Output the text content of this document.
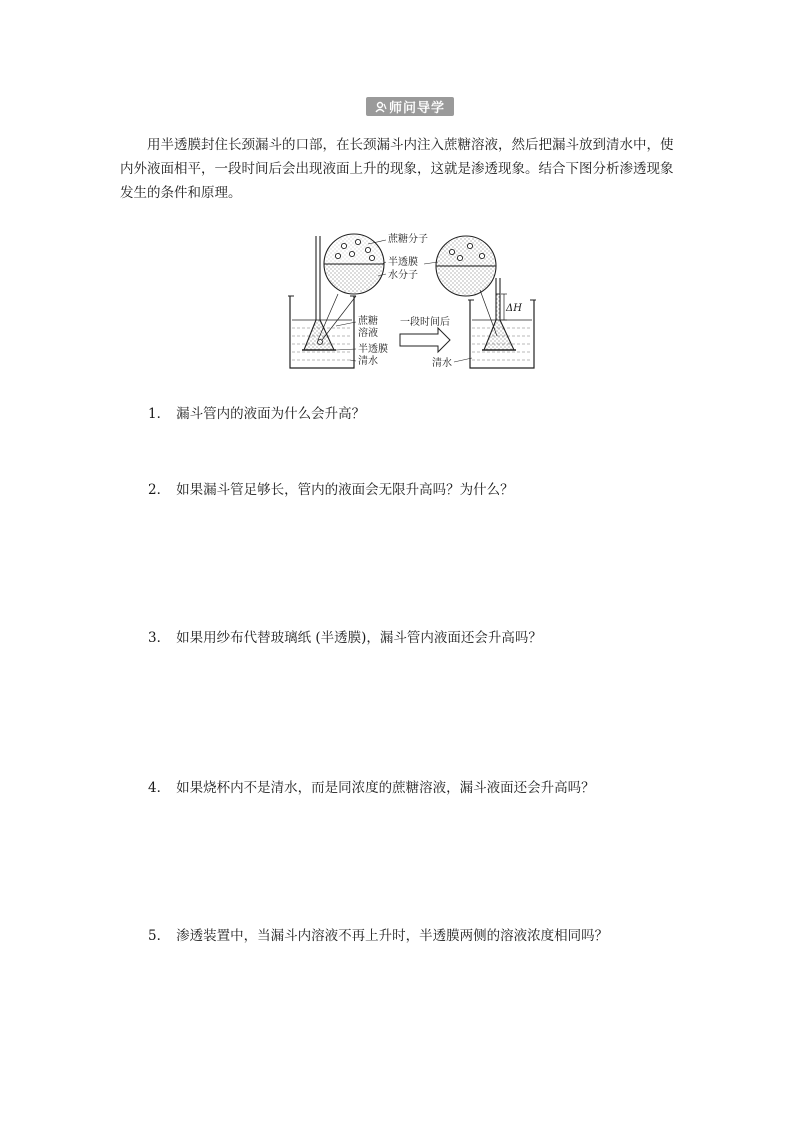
师问导学

用半透膜封住长颈漏斗的口部，在长颈漏斗内注入蔗糖溶液，然后把漏斗放到清水中，使内外液面相平，一段时间后会出现液面上升的现象，这就是渗透现象。结合下图分析渗透现象发生的条件和原理。

蔗糖分子
半透膜
水分子
蔗糖
溶液
半透膜
清水
一段时间后
ΔH
清水

1． 漏斗管内的液面为什么会升高？

2． 如果漏斗管足够长，管内的液面会无限升高吗？为什么？

3． 如果用纱布代替玻璃纸 (半透膜)，漏斗管内液面还会升高吗？

4． 如果烧杯内不是清水，而是同浓度的蔗糖溶液，漏斗液面还会升高吗？

5． 渗透装置中，当漏斗内溶液不再上升时，半透膜两侧的溶液浓度相同吗？
